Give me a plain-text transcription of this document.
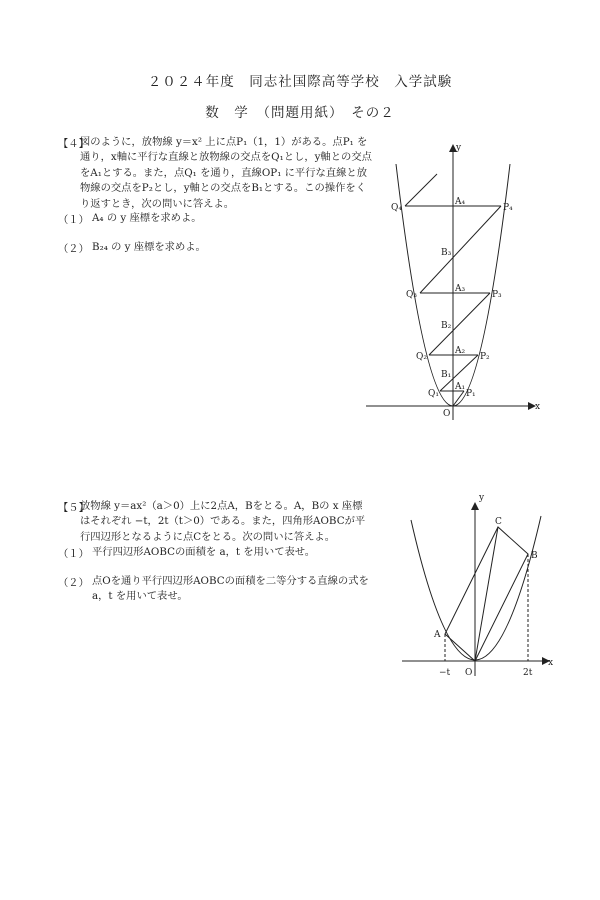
２０２４年度　同志社国際高等学校　入学試験
数　学　（問題用紙）　その２
【４】
図のように，放物線 y＝x² 上に点P₁（1，1）がある。点P₁ を通り，x軸に平行な直線と放物線の交点をQ₁とし，y軸との交点をA₁とする。また，点Q₁ を通り，直線OP₁ に平行な直線と放物線の交点をP₂とし，y軸との交点をB₁とする。この操作をくり返すとき，次の問いに答えよ。
（１） A₄ の y 座標を求めよ。
（２） B₂₄ の y 座標を求めよ。
x
y
O
A₄
A₃
A₂
A₁
B₃
B₂
B₁
P₄
P₃
P₂
P₁
Q₄
Q₃
Q₂
Q₁
【５】
放物線 y＝ax²（a＞0）上に2点A，Bをとる。A，Bの x 座標はそれぞれ −t，2t（t＞0）である。また，四角形AOBCが平行四辺形となるように点Cをとる。次の問いに答えよ。
（１） 平行四辺形AOBCの面積を a，t を用いて表せ。
（２） 点Oを通り平行四辺形AOBCの面積を二等分する直線の式を a，t を用いて表せ。
x
y
O
A
B
C
−t	2t
